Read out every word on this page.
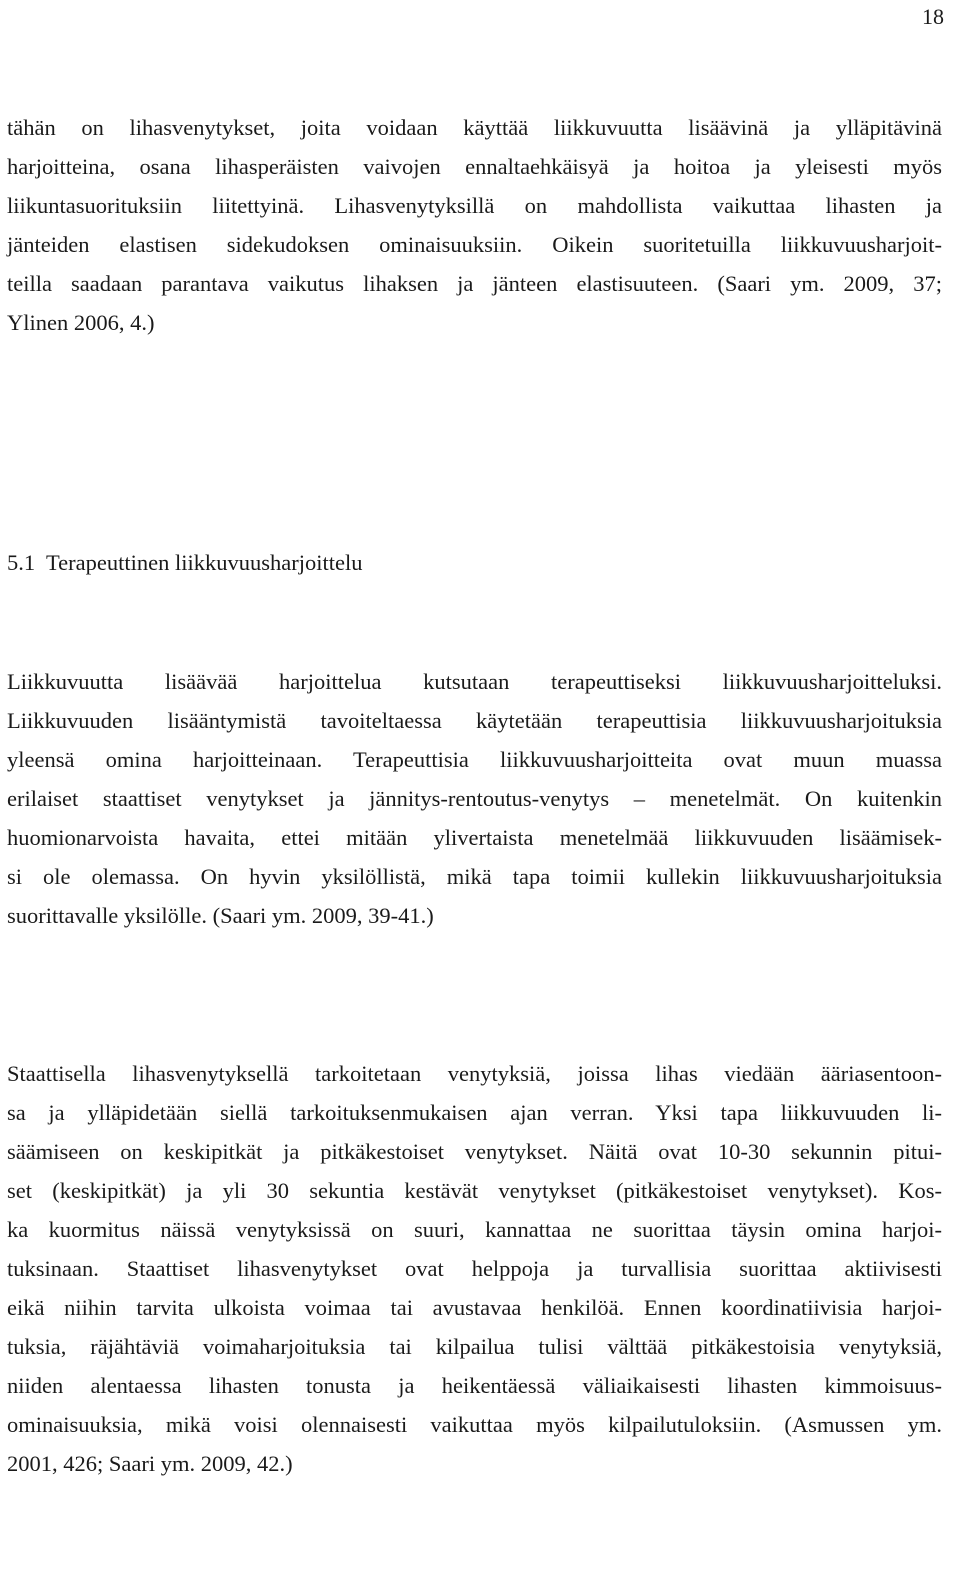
18
tähän on lihasvenytykset, joita voidaan käyttää liikkuvuutta lisäävinä ja ylläpitävinä
harjoitteina, osana lihasperäisten vaivojen ennaltaehkäisyä ja hoitoa ja yleisesti myös
liikuntasuorituksiin liitettyinä. Lihasvenytyksillä on mahdollista vaikuttaa lihasten ja
jänteiden elastisen sidekudoksen ominaisuuksiin. Oikein suoritetuilla liikkuvuusharjoit-
teilla saadaan parantava vaikutus lihaksen ja jänteen elastisuuteen. (Saari ym. 2009, 37;
Ylinen 2006, 4.)
5.1  Terapeuttinen liikkuvuusharjoittelu
Liikkuvuutta lisäävää harjoittelua kutsutaan terapeuttiseksi liikkuvuusharjoitteluksi.
Liikkuvuuden lisääntymistä tavoiteltaessa käytetään terapeuttisia liikkuvuusharjoituksia
yleensä omina harjoitteinaan. Terapeuttisia liikkuvuusharjoitteita ovat muun muassa
erilaiset staattiset venytykset ja jännitys-rentoutus-venytys – menetelmät. On kuitenkin
huomionarvoista havaita, ettei mitään ylivertaista menetelmää liikkuvuuden lisäämisek-
si ole olemassa. On hyvin yksilöllistä, mikä tapa toimii kullekin liikkuvuusharjoituksia
suorittavalle yksilölle. (Saari ym. 2009, 39-41.)
Staattisella lihasvenytyksellä tarkoitetaan venytyksiä, joissa lihas viedään ääriasentoon-
sa ja ylläpidetään siellä tarkoituksenmukaisen ajan verran. Yksi tapa liikkuvuuden li-
säämiseen on keskipitkät ja pitkäkestoiset venytykset. Näitä ovat 10-30 sekunnin pitui-
set (keskipitkät) ja yli 30 sekuntia kestävät venytykset (pitkäkestoiset venytykset). Kos-
ka kuormitus näissä venytyksissä on suuri, kannattaa ne suorittaa täysin omina harjoi-
tuksinaan. Staattiset lihasvenytykset ovat helppoja ja turvallisia suorittaa aktiivisesti
eikä niihin tarvita ulkoista voimaa tai avustavaa henkilöä. Ennen koordinatiivisia harjoi-
tuksia, räjähtäviä voimaharjoituksia tai kilpailua tulisi välttää pitkäkestoisia venytyksiä,
niiden alentaessa lihasten tonusta ja heikentäessä väliaikaisesti lihasten kimmoisuus-
ominaisuuksia, mikä voisi olennaisesti vaikuttaa myös kilpailutuloksiin. (Asmussen ym.
2001, 426; Saari ym. 2009, 42.)
